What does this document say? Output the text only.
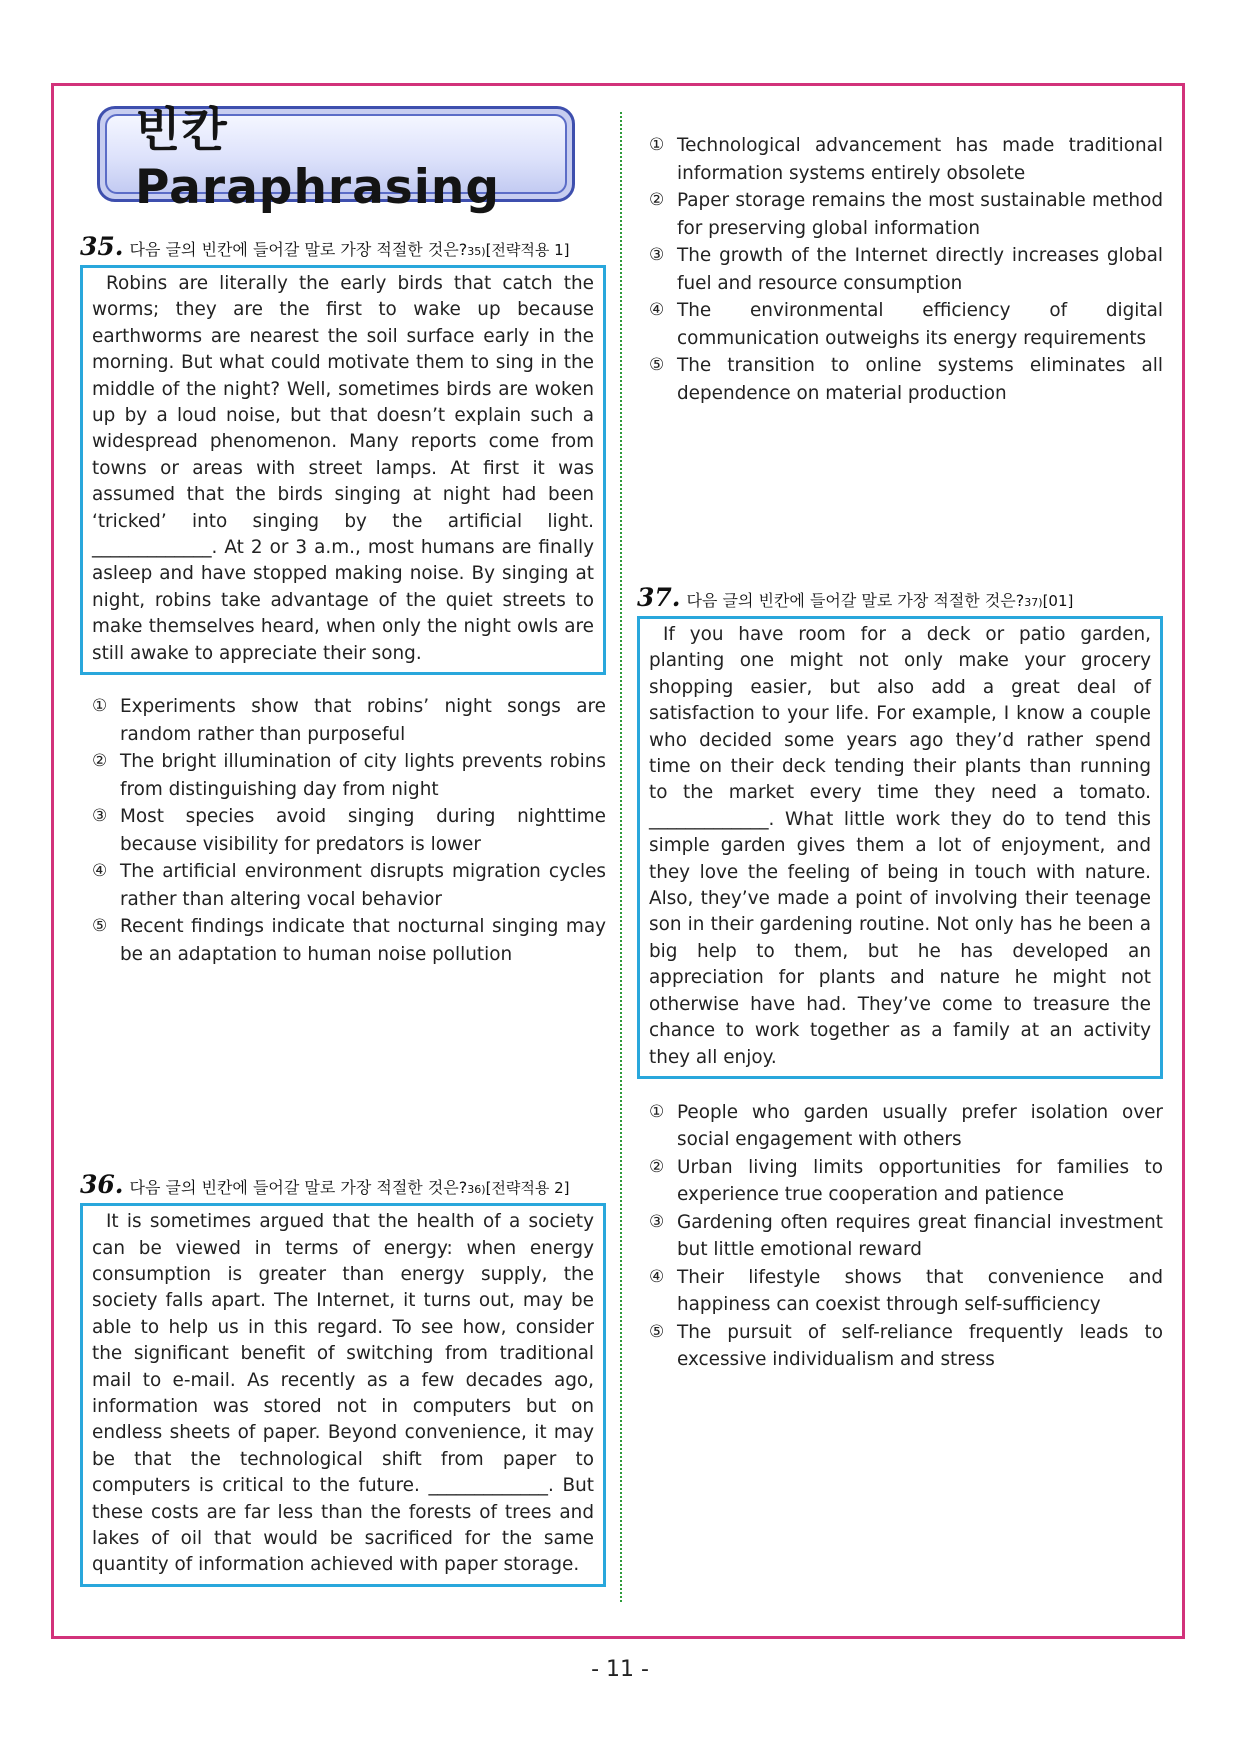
빈칸 Paraphrasing
35. 다음 글의 빈칸에 들어갈 말로 가장 적절한 것은? 35) [전략적용 1]
Robins are literally the early birds that catch the worms; they are the first to wake up because earthworms are nearest the soil surface early in the morning. But what could motivate them to sing in the middle of the night? Well, sometimes birds are woken up by a loud noise, but that doesn’t explain such a widespread phenomenon. Many reports come from towns or areas with street lamps. At first it was assumed that the birds singing at night had been ‘tricked’ into singing by the artificial light. _____________. At 2 or 3 a.m., most humans are finally asleep and have stopped making noise. By singing at night, robins take advantage of the quiet streets to make themselves heard, when only the night owls are still awake to appreciate their song.
① Experiments show that robins’ night songs are random rather than purposeful
② The bright illumination of city lights prevents robins from distinguishing day from night
③ Most species avoid singing during nighttime because visibility for predators is lower
④ The artificial environment disrupts migration cycles rather than altering vocal behavior
⑤ Recent findings indicate that nocturnal singing may be an adaptation to human noise pollution
36. 다음 글의 빈칸에 들어갈 말로 가장 적절한 것은? 36) [전략적용 2]
It is sometimes argued that the health of a society can be viewed in terms of energy: when energy consumption is greater than energy supply, the society falls apart. The Internet, it turns out, may be able to help us in this regard. To see how, consider the significant benefit of switching from traditional mail to e-mail. As recently as a few decades ago, information was stored not in computers but on endless sheets of paper. Beyond convenience, it may be that the technological shift from paper to computers is critical to the future. _____________. But these costs are far less than the forests of trees and lakes of oil that would be sacrificed for the same quantity of information achieved with paper storage.
① Technological advancement has made traditional information systems entirely obsolete
② Paper storage remains the most sustainable method for preserving global information
③ The growth of the Internet directly increases global fuel and resource consumption
④ The environmental efficiency of digital communication outweighs its energy requirements
⑤ The transition to online systems eliminates all dependence on material production
37. 다음 글의 빈칸에 들어갈 말로 가장 적절한 것은? 37) [01]
If you have room for a deck or patio garden, planting one might not only make your grocery shopping easier, but also add a great deal of satisfaction to your life. For example, I know a couple who decided some years ago they’d rather spend time on their deck tending their plants than running to the market every time they need a tomato. _____________. What little work they do to tend this simple garden gives them a lot of enjoyment, and they love the feeling of being in touch with nature. Also, they’ve made a point of involving their teenage son in their gardening routine. Not only has he been a big help to them, but he has developed an appreciation for plants and nature he might not otherwise have had. They’ve come to treasure the chance to work together as a family at an activity they all enjoy.
① People who garden usually prefer isolation over social engagement with others
② Urban living limits opportunities for families to experience true cooperation and patience
③ Gardening often requires great financial investment but little emotional reward
④ Their lifestyle shows that convenience and happiness can coexist through self-sufficiency
⑤ The pursuit of self-reliance frequently leads to excessive individualism and stress
- 11 -
